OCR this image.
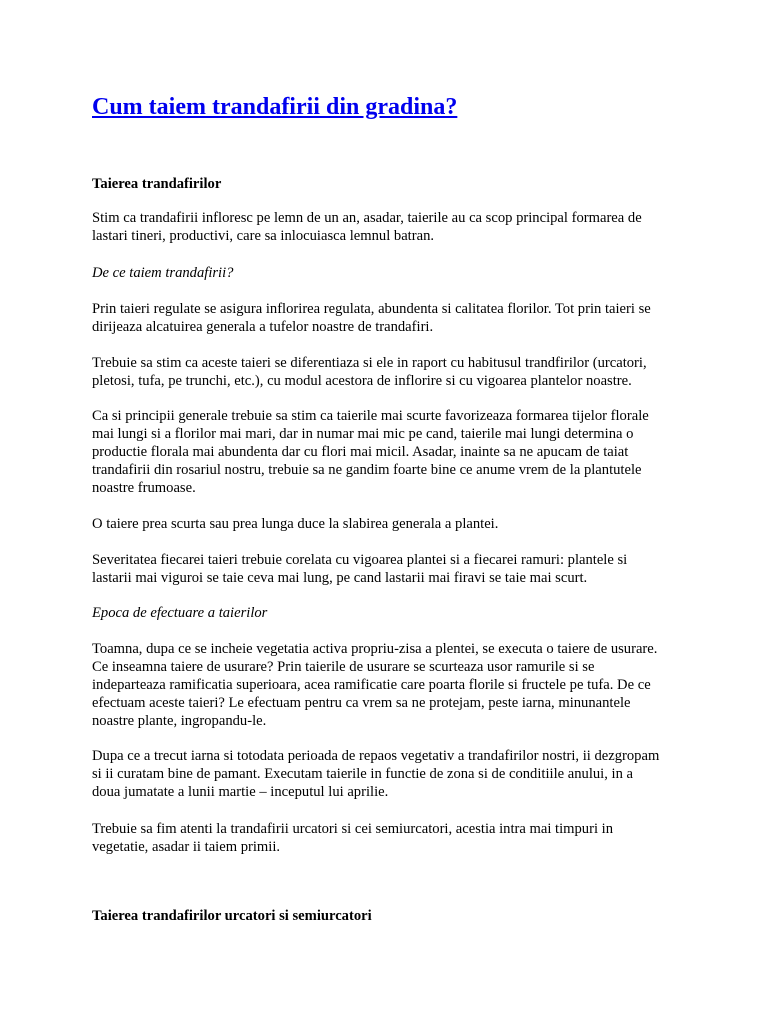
Cum taiem trandafirii din gradina?
Taierea trandafirilor
Stim ca trandafirii infloresc pe lemn de un an, asadar, taierile au ca scop principal formarea de
lastari tineri, productivi, care sa inlocuiasca lemnul batran.
De ce taiem trandafirii?
Prin taieri regulate se asigura inflorirea regulata, abundenta si calitatea florilor. Tot prin taieri se
dirijeaza alcatuirea generala a tufelor noastre de trandafiri.
Trebuie sa stim ca aceste taieri se diferentiaza si ele in raport cu habitusul trandfirilor (urcatori,
pletosi, tufa, pe trunchi, etc.), cu modul acestora de inflorire si cu vigoarea plantelor noastre.
Ca si principii generale trebuie sa stim ca taierile mai scurte favorizeaza formarea tijelor florale
mai lungi si a florilor mai mari, dar in numar mai mic pe cand, taierile mai lungi determina o
productie florala mai abundenta dar cu flori mai micil. Asadar, inainte sa ne apucam de taiat
trandafirii din rosariul nostru, trebuie sa ne gandim foarte bine ce anume vrem de la plantutele
noastre frumoase.
O taiere prea scurta sau prea lunga duce la slabirea generala a plantei.
Severitatea fiecarei taieri trebuie corelata cu vigoarea plantei si a fiecarei ramuri: plantele si
lastarii mai viguroi se taie ceva mai lung, pe cand lastarii mai firavi se taie mai scurt.
Epoca de efectuare a taierilor
Toamna, dupa ce se incheie vegetatia activa propriu-zisa a plentei, se executa o taiere de usurare.
Ce inseamna taiere de usurare? Prin taierile de usurare se scurteaza usor ramurile si se
indeparteaza ramificatia superioara, acea ramificatie care poarta florile si fructele pe tufa. De ce
efectuam aceste taieri? Le efectuam pentru ca vrem sa ne protejam, peste iarna, minunantele
noastre plante, ingropandu-le.
Dupa ce a trecut iarna si totodata perioada de repaos vegetativ a trandafirilor nostri, ii dezgropam
si ii curatam bine de pamant. Executam taierile in functie de zona si de conditiile anului, in a
doua jumatate a lunii martie – inceputul lui aprilie.
Trebuie sa fim atenti la trandafirii urcatori si cei semiurcatori, acestia intra mai timpuri in
vegetatie, asadar ii taiem primii.
Taierea trandafirilor urcatori si semiurcatori
